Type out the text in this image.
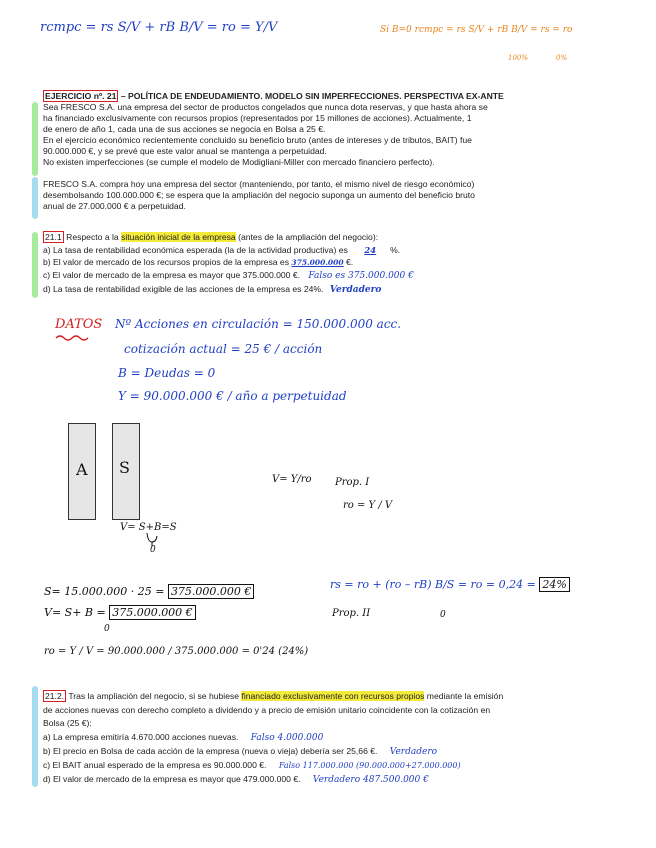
rcmpc = rs S/V + rB B/V = ro = Y/V	Si B=0 rcmpc = rs S/V + rB B/V = rs = ro
100%	0%
EJERCICIO nº. 21 – POLÍTICA DE ENDEUDAMIENTO. MODELO SIN IMPERFECCIONES. PERSPECTIVA EX-ANTE
Sea FRESCO S.A. una empresa del sector de productos congelados que nunca dota reservas, y que hasta ahora se
ha financiado exclusivamente con recursos propios (representados por 15 millones de acciones). Actualmente, 1
de enero de año 1, cada una de sus acciones se negocia en Bolsa a 25 €.
En el ejercicio económico recientemente concluido su beneficio bruto (antes de intereses y de tributos, BAIT) fue
90.000.000 €, y se prevé que este valor anual se mantenga a perpetuidad.
No existen imperfecciones (se cumple el modelo de Modigliani-Miller con mercado financiero perfecto).
FRESCO S.A. compra hoy una empresa del sector (manteniendo, por tanto, el mismo nivel de riesgo económico)
desembolsando 100.000.000 €; se espera que la ampliación del negocio suponga un aumento del beneficio bruto
anual de 27.000.000 € a perpetuidad.
21.1 Respecto a la situación inicial de la empresa (antes de la ampliación del negocio):
a) La tasa de rentabilidad económica esperada (la de la actividad productiva) es 24 %.
b) El valor de mercado de los recursos propios de la empresa es 375.000.000 €.
c) El valor de mercado de la empresa es mayor que 375.000.000 €. Falso es 375.000.000 €
d) La tasa de rentabilidad exigible de las acciones de la empresa es 24%. Verdadero
DATOS Nº Acciones en circulación = 150.000.000 acc.
cotización actual = 25 € / acción
B = Deudas = 0
Y = 90.000.000 € / año a perpetuidad
A S
V= S+B=S
0
V= Y/ro Prop. I
ro = Y / V
S= 15.000.000 · 25 = 375.000.000 €
V= S+ B = 375.000.000 €
0
ro = Y / V = 90.000.000 / 375.000.000 = 0'24 (24%)
rs = ro + (ro – rB) B/S = ro = 0,24 = 24%
Prop. II	0
21.2. Tras la ampliación del negocio, si se hubiese financiado exclusivamente con recursos propios mediante la emisión
de acciones nuevas con derecho completo a dividendo y a precio de emisión unitario coincidente con la cotización en
Bolsa (25 €):
a) La empresa emitiría 4.670.000 acciones nuevas. Falso 4.000.000
b) El precio en Bolsa de cada acción de la empresa (nueva o vieja) debería ser 25,66 €. Verdadero
c) El BAIT anual esperado de la empresa es 90.000.000 €. Falso 117.000.000 (90.000.000+27.000.000)
d) El valor de mercado de la empresa es mayor que 479.000.000 €. Verdadero 487.500.000 €
